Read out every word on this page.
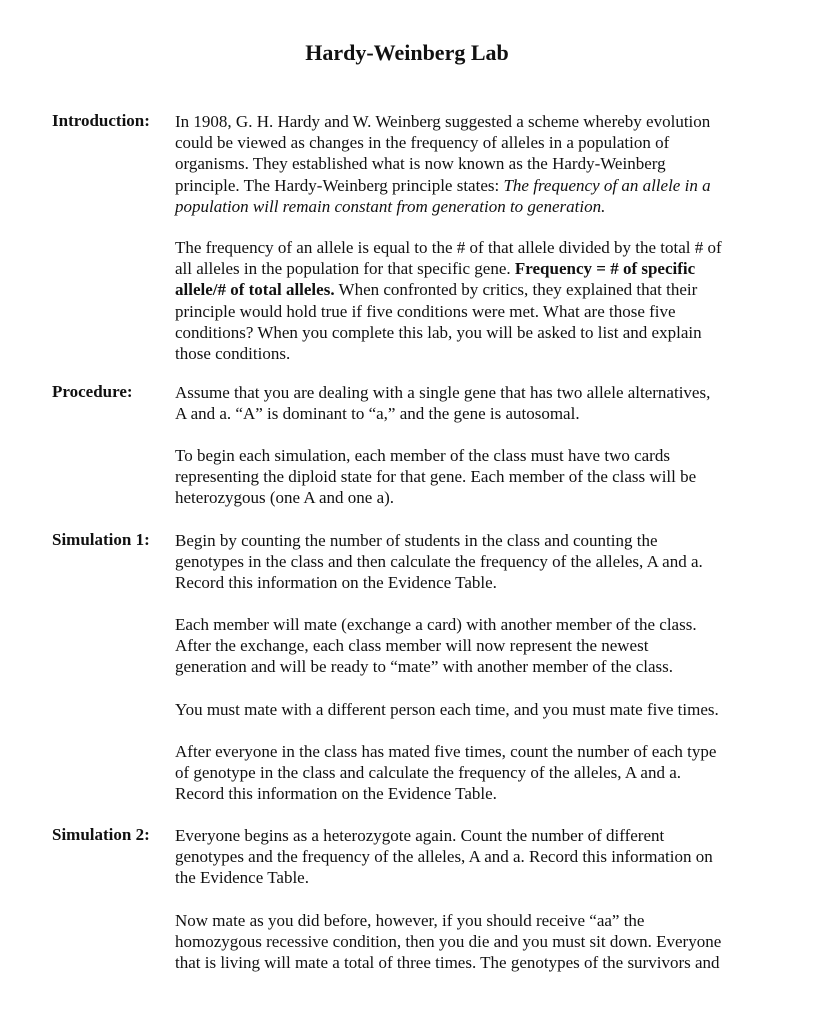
Hardy-Weinberg Lab
Introduction: In 1908, G. H. Hardy and W. Weinberg suggested a scheme whereby evolution
could be viewed as changes in the frequency of alleles in a population of
organisms. They established what is now known as the Hardy-Weinberg
principle. The Hardy-Weinberg principle states: The frequency of an allele in a
population will remain constant from generation to generation.
The frequency of an allele is equal to the # of that allele divided by the total # of
all alleles in the population for that specific gene. Frequency = # of specific
allele/# of total alleles. When confronted by critics, they explained that their
principle would hold true if five conditions were met. What are those five
conditions? When you complete this lab, you will be asked to list and explain
those conditions.
Procedure: Assume that you are dealing with a single gene that has two allele alternatives,
A and a. “A” is dominant to “a,” and the gene is autosomal.
To begin each simulation, each member of the class must have two cards
representing the diploid state for that gene. Each member of the class will be
heterozygous (one A and one a).
Simulation 1: Begin by counting the number of students in the class and counting the
genotypes in the class and then calculate the frequency of the alleles, A and a.
Record this information on the Evidence Table.
Each member will mate (exchange a card) with another member of the class.
After the exchange, each class member will now represent the newest
generation and will be ready to “mate” with another member of the class.
You must mate with a different person each time, and you must mate five times.
After everyone in the class has mated five times, count the number of each type
of genotype in the class and calculate the frequency of the alleles, A and a.
Record this information on the Evidence Table.
Simulation 2: Everyone begins as a heterozygote again. Count the number of different
genotypes and the frequency of the alleles, A and a. Record this information on
the Evidence Table.
Now mate as you did before, however, if you should receive “aa” the
homozygous recessive condition, then you die and you must sit down. Everyone
that is living will mate a total of three times. The genotypes of the survivors and
